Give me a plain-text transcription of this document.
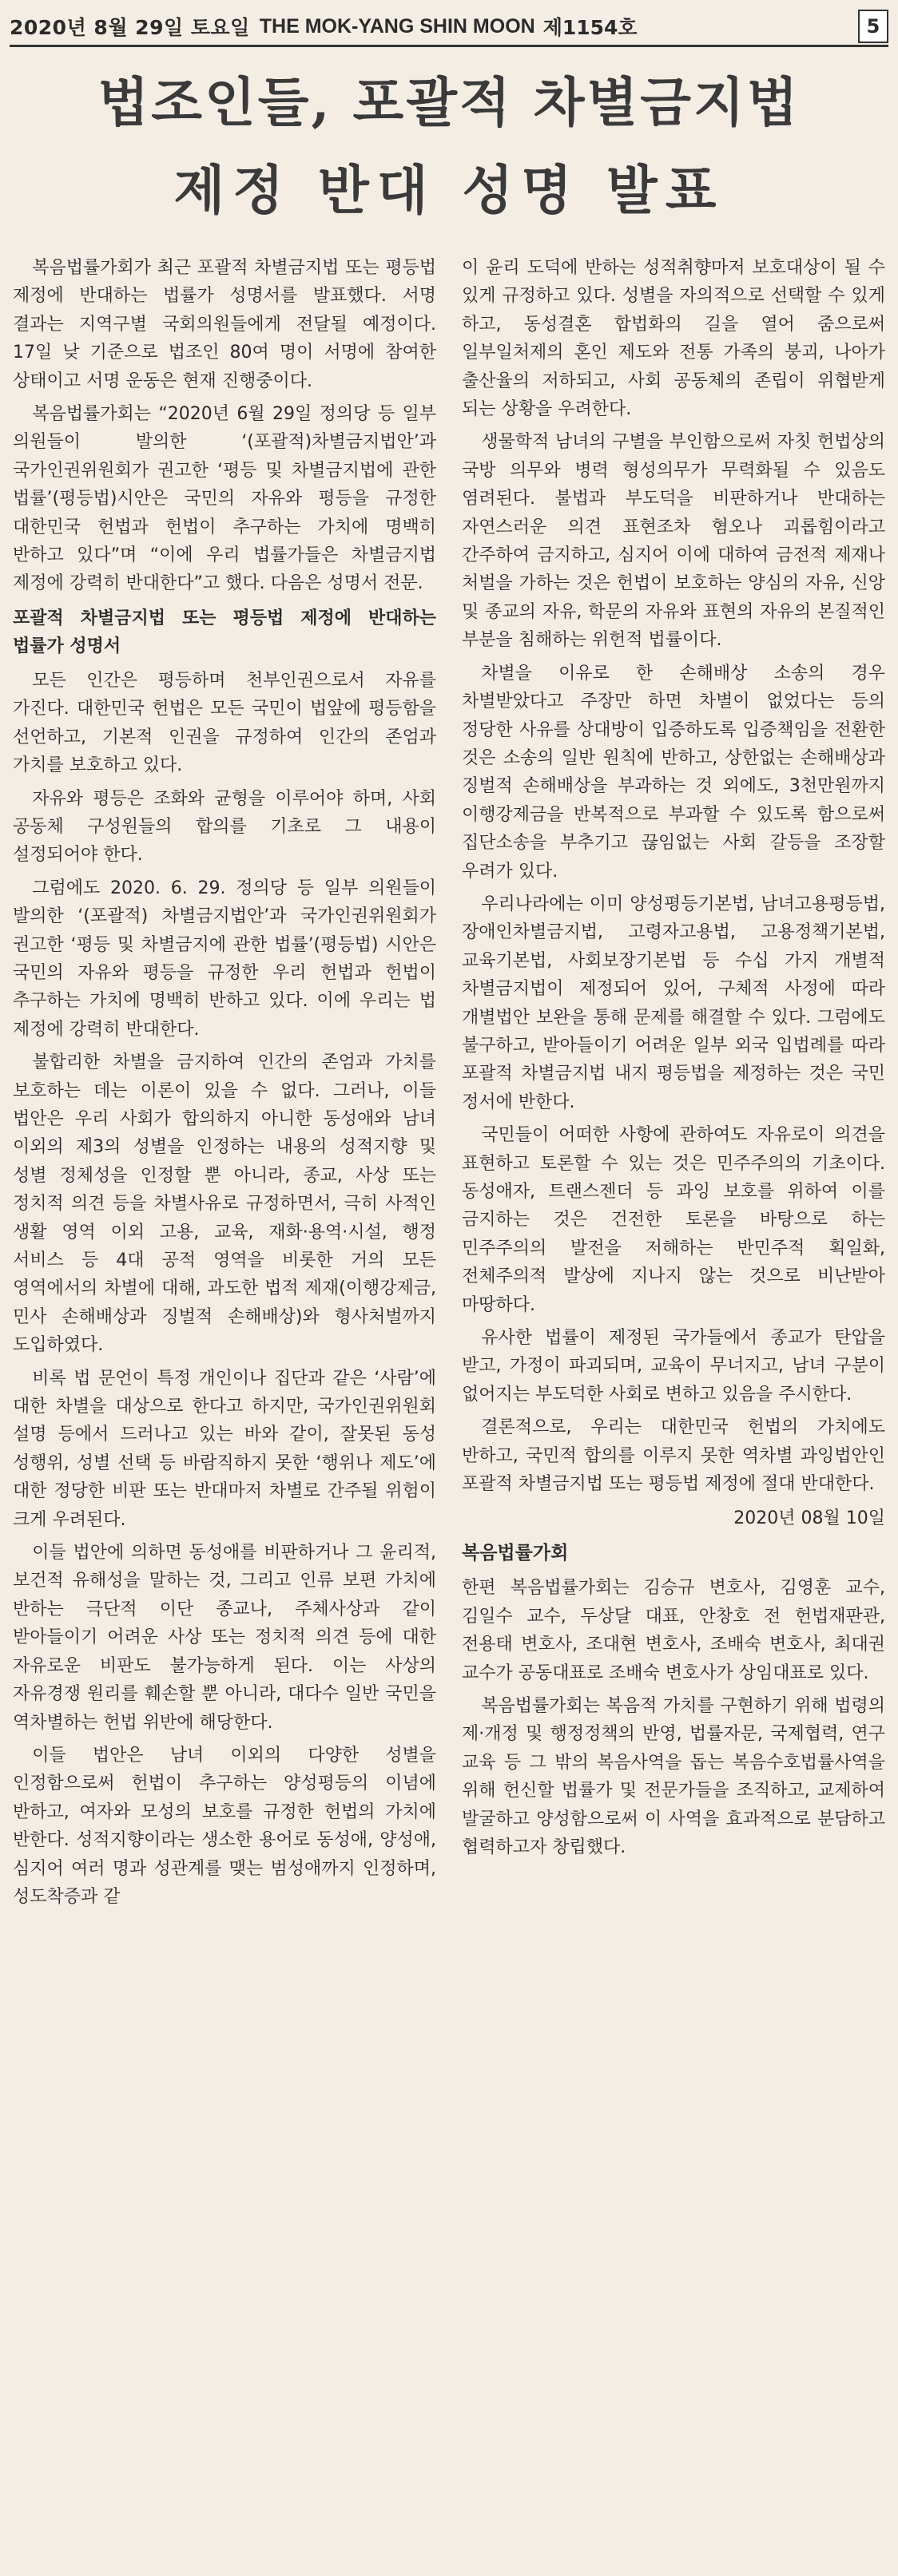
2020년 8월 29일 토요일 THE MOK-YANG SHIN MOON 제1154호	5
법조인들, 포괄적 차별금지법
제정 반대 성명 발표

복음법률가회가 최근 포괄적 차별금지법 또는 평등법 제정에 반대하는 법률가 성명서를 발표했다. 서명 결과는 지역구별 국회의원들에게 전달될 예정이다. 17일 낮 기준으로 법조인 80여 명이 서명에 참여한 상태이고 서명 운동은 현재 진행중이다.

복음법률가회는 “2020년 6월 29일 정의당 등 일부 의원들이 발의한 ‘(포괄적)차별금지법안’과 국가인권위원회가 권고한 ‘평등 및 차별금지법에 관한 법률’(평등법)시안은 국민의 자유와 평등을 규정한 대한민국 헌법과 헌법이 추구하는 가치에 명백히 반하고 있다”며 “이에 우리 법률가들은 차별금지법 제정에 강력히 반대한다”고 했다. 다음은 성명서 전문.

포괄적 차별금지법 또는 평등법 제정에 반대하는 법률가 성명서

모든 인간은 평등하며 천부인권으로서 자유를 가진다. 대한민국 헌법은 모든 국민이 법앞에 평등함을 선언하고, 기본적 인권을 규정하여 인간의 존엄과 가치를 보호하고 있다.

자유와 평등은 조화와 균형을 이루어야 하며, 사회 공동체 구성원들의 합의를 기초로 그 내용이 설정되어야 한다.

그럼에도 2020. 6. 29. 정의당 등 일부 의원들이 발의한 ‘(포괄적) 차별금지법안’과 국가인권위원회가 권고한 ‘평등 및 차별금지에 관한 법률’(평등법) 시안은 국민의 자유와 평등을 규정한 우리 헌법과 헌법이 추구하는 가치에 명백히 반하고 있다. 이에 우리는 법 제정에 강력히 반대한다.

불합리한 차별을 금지하여 인간의 존엄과 가치를 보호하는 데는 이론이 있을 수 없다. 그러나, 이들 법안은 우리 사회가 합의하지 아니한 동성애와 남녀 이외의 제3의 성별을 인정하는 내용의 성적지향 및 성별 정체성을 인정할 뿐 아니라, 종교, 사상 또는 정치적 의견 등을 차별사유로 규정하면서, 극히 사적인 생활 영역 이외 고용, 교육, 재화·용역·시설, 행정 서비스 등 4대 공적 영역을 비롯한 거의 모든 영역에서의 차별에 대해, 과도한 법적 제재(이행강제금, 민사 손해배상과 징벌적 손해배상)와 형사처벌까지 도입하였다.

비록 법 문언이 특정 개인이나 집단과 같은 ‘사람’에 대한 차별을 대상으로 한다고 하지만, 국가인권위원회 설명 등에서 드러나고 있는 바와 같이, 잘못된 동성 성행위, 성별 선택 등 바람직하지 못한 ‘행위나 제도’에 대한 정당한 비판 또는 반대마저 차별로 간주될 위험이 크게 우려된다.

이들 법안에 의하면 동성애를 비판하거나 그 윤리적, 보건적 유해성을 말하는 것, 그리고 인류 보편 가치에 반하는 극단적 이단 종교나, 주체사상과 같이 받아들이기 어려운 사상 또는 정치적 의견 등에 대한 자유로운 비판도 불가능하게 된다. 이는 사상의 자유경쟁 원리를 훼손할 뿐 아니라, 대다수 일반 국민을 역차별하는 헌법 위반에 해당한다.

이들 법안은 남녀 이외의 다양한 성별을 인정함으로써 헌법이 추구하는 양성평등의 이념에 반하고, 여자와 모성의 보호를 규정한 헌법의 가치에 반한다. 성적지향이라는 생소한 용어로 동성애, 양성애, 심지어 여러 명과 성관계를 맺는 범성애까지 인정하며, 성도착증과 같

이 윤리 도덕에 반하는 성적취향마저 보호대상이 될 수 있게 규정하고 있다. 성별을 자의적으로 선택할 수 있게 하고, 동성결혼 합법화의 길을 열어 줌으로써 일부일처제의 혼인 제도와 전통 가족의 붕괴, 나아가 출산율의 저하되고, 사회 공동체의 존립이 위협받게 되는 상황을 우려한다.

생물학적 남녀의 구별을 부인함으로써 자칫 헌법상의 국방 의무와 병력 형성의무가 무력화될 수 있음도 염려된다. 불법과 부도덕을 비판하거나 반대하는 자연스러운 의견 표현조차 혐오나 괴롭힘이라고 간주하여 금지하고, 심지어 이에 대하여 금전적 제재나 처벌을 가하는 것은 헌법이 보호하는 양심의 자유, 신앙 및 종교의 자유, 학문의 자유와 표현의 자유의 본질적인 부분을 침해하는 위헌적 법률이다.

차별을 이유로 한 손해배상 소송의 경우 차별받았다고 주장만 하면 차별이 없었다는 등의 정당한 사유를 상대방이 입증하도록 입증책임을 전환한 것은 소송의 일반 원칙에 반하고, 상한없는 손해배상과 징벌적 손해배상을 부과하는 것 외에도, 3천만원까지 이행강제금을 반복적으로 부과할 수 있도록 함으로써 집단소송을 부추기고 끊임없는 사회 갈등을 조장할 우려가 있다.

우리나라에는 이미 양성평등기본법, 남녀고용평등법, 장애인차별금지법, 고령자고용법, 고용정책기본법, 교육기본법, 사회보장기본법 등 수십 가지 개별적 차별금지법이 제정되어 있어, 구체적 사정에 따라 개별법안 보완을 통해 문제를 해결할 수 있다. 그럼에도 불구하고, 받아들이기 어려운 일부 외국 입법례를 따라 포괄적 차별금지법 내지 평등법을 제정하는 것은 국민 정서에 반한다.

국민들이 어떠한 사항에 관하여도 자유로이 의견을 표현하고 토론할 수 있는 것은 민주주의의 기초이다. 동성애자, 트랜스젠더 등 과잉 보호를 위하여 이를 금지하는 것은 건전한 토론을 바탕으로 하는 민주주의의 발전을 저해하는 반민주적 획일화, 전체주의적 발상에 지나지 않는 것으로 비난받아 마땅하다.

유사한 법률이 제정된 국가들에서 종교가 탄압을 받고, 가정이 파괴되며, 교육이 무너지고, 남녀 구분이 없어지는 부도덕한 사회로 변하고 있음을 주시한다.

결론적으로, 우리는 대한민국 헌법의 가치에도 반하고, 국민적 합의를 이루지 못한 역차별 과잉법안인 포괄적 차별금지법 또는 평등법 제정에 절대 반대한다.

2020년 08월 10일

복음법률가회

한편 복음법률가회는 김승규 변호사, 김영훈 교수, 김일수 교수, 두상달 대표, 안창호 전 헌법재판관, 전용태 변호사, 조대현 변호사, 조배숙 변호사, 최대권 교수가 공동대표로 조배숙 변호사가 상임대표로 있다.

복음법률가회는 복음적 가치를 구현하기 위해 법령의 제·개정 및 행정정책의 반영, 법률자문, 국제협력, 연구 교육 등 그 밖의 복음사역을 돕는 복음수호법률사역을 위해 헌신할 법률가 및 전문가들을 조직하고, 교제하여 발굴하고 양성함으로써 이 사역을 효과적으로 분담하고 협력하고자 창립했다.
